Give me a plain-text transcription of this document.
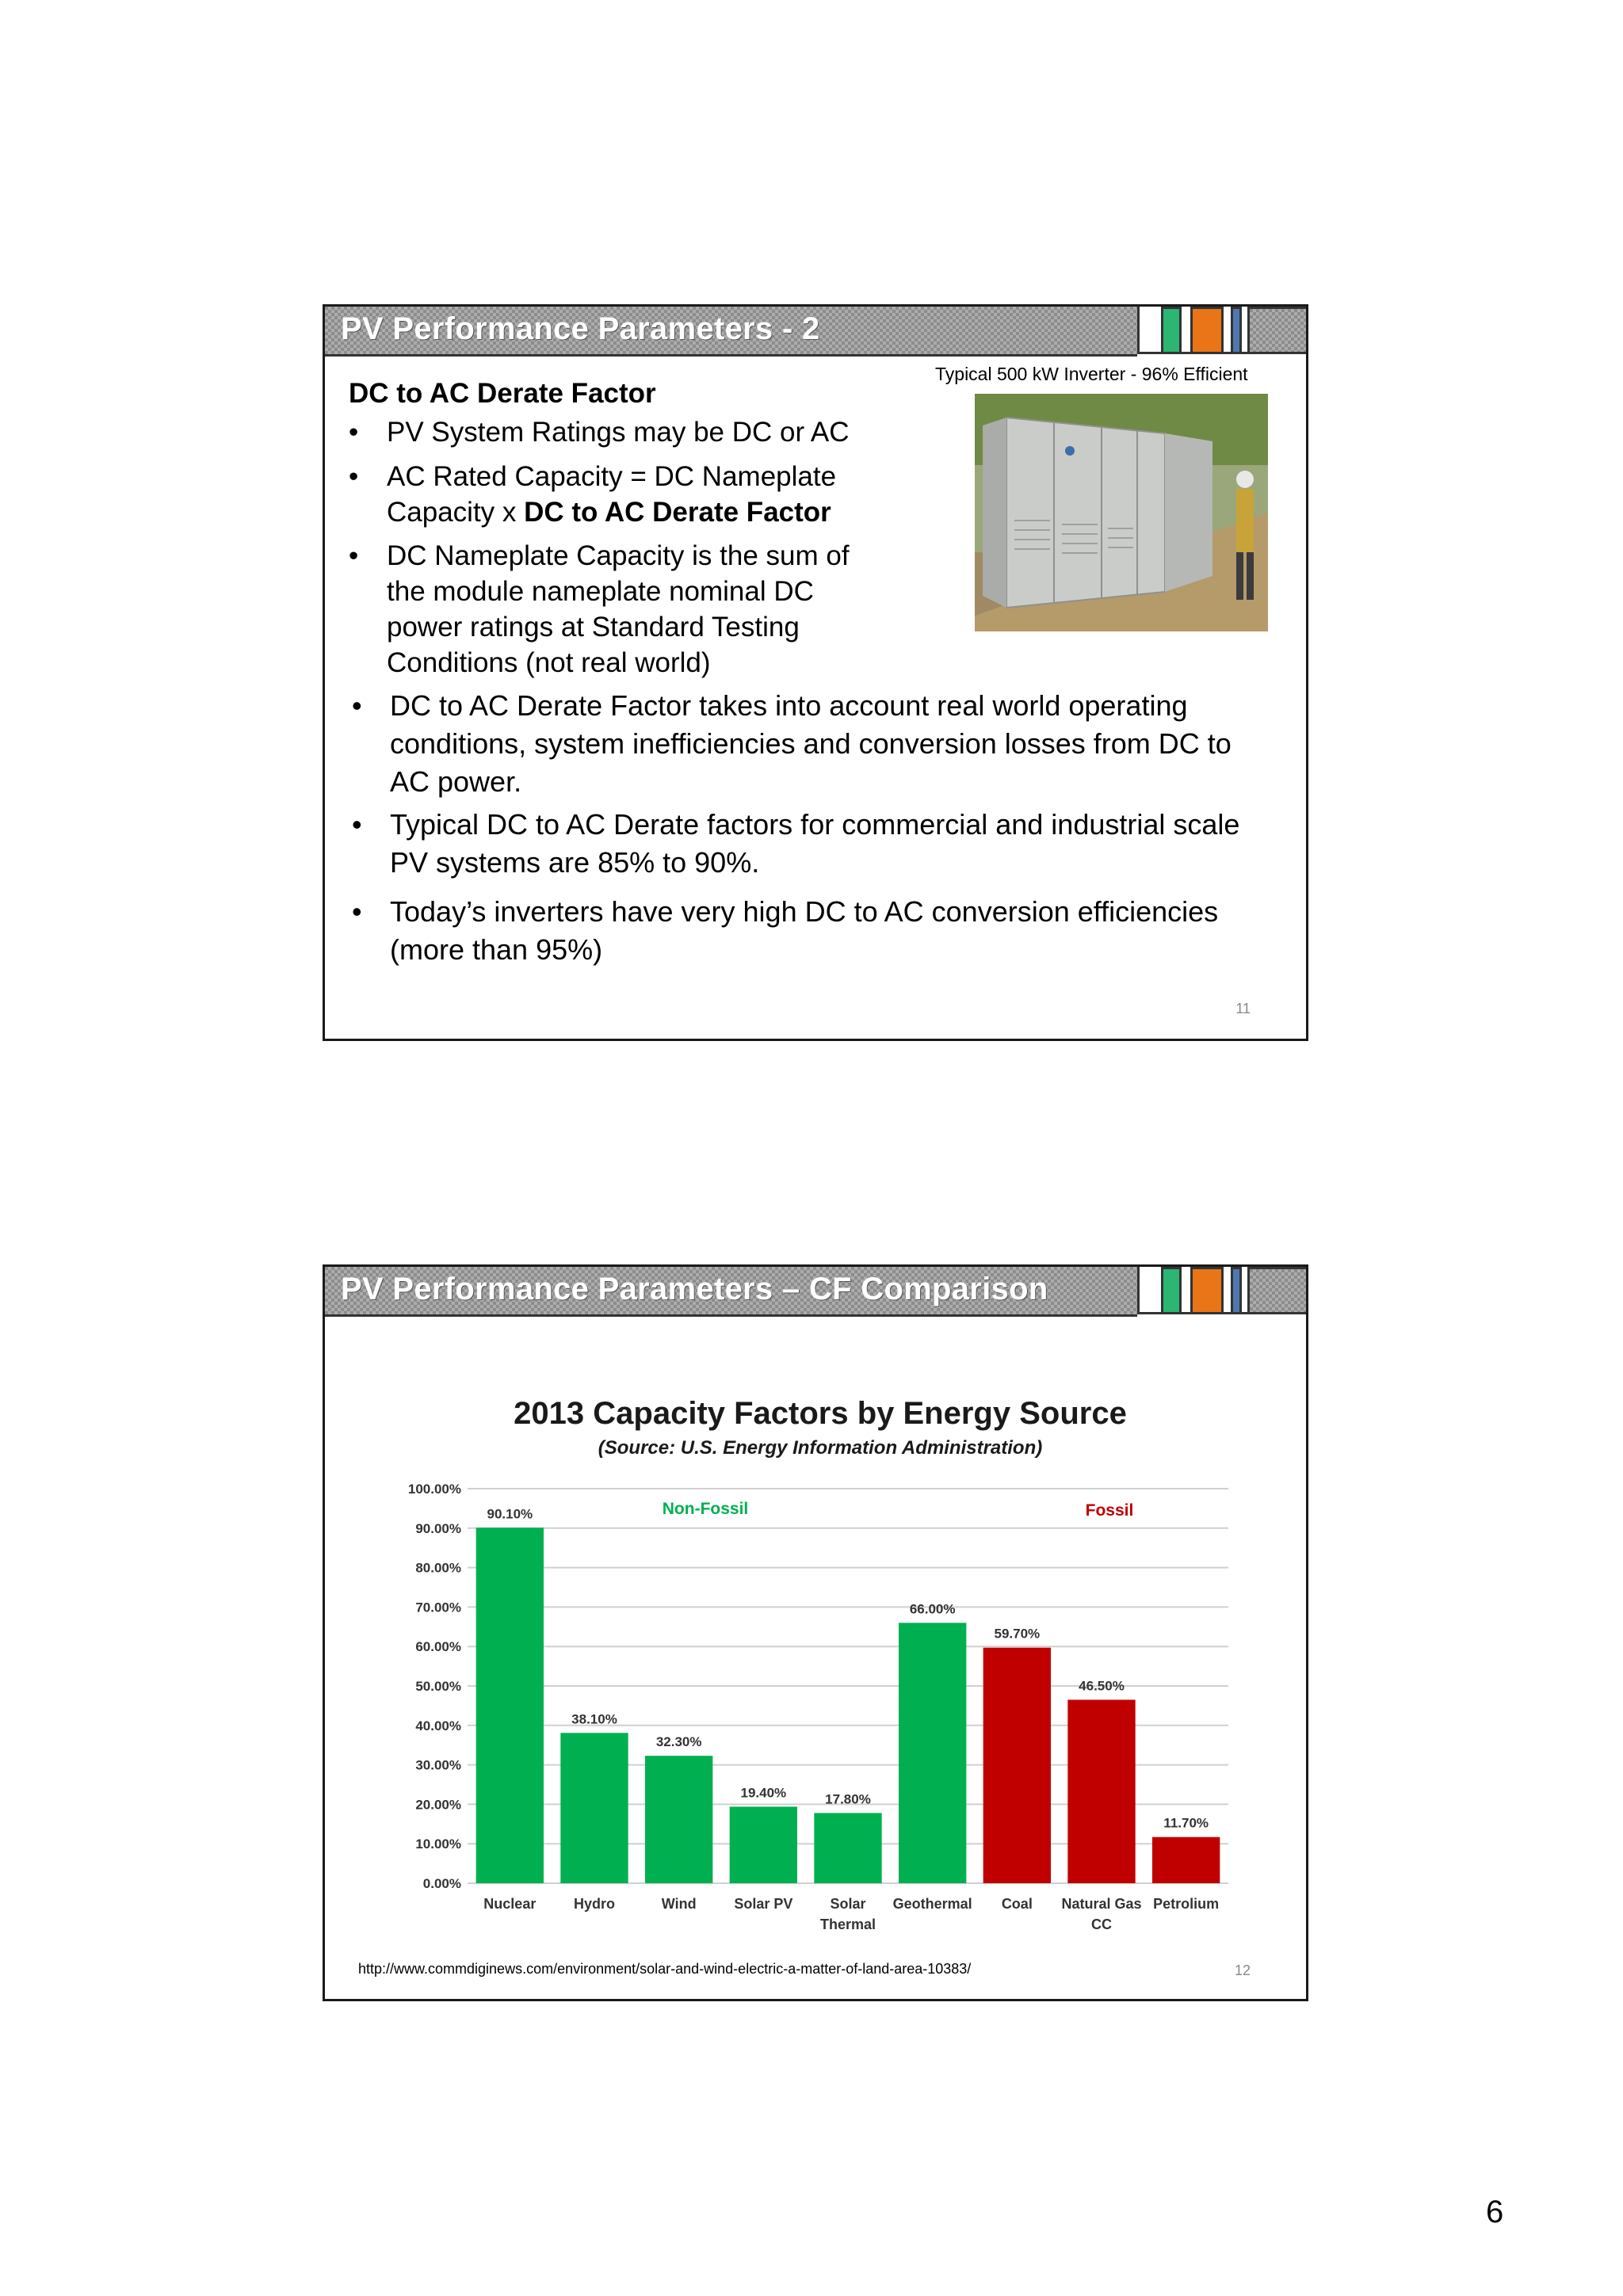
PV Performance Parameters - 2
Typical 500 kW Inverter - 96% Efficient
DC to AC Derate Factor
• PV System Ratings may be DC or AC
• AC Rated Capacity = DC Nameplate Capacity x DC to AC Derate Factor
• DC Nameplate Capacity is the sum of the module nameplate nominal DC power ratings at Standard Testing Conditions (not real world)
• DC to AC Derate Factor takes into account real world operating conditions, system inefficiencies and conversion losses from DC to AC power.
• Typical DC to AC Derate factors for commercial and industrial scale PV systems are 85% to 90%.
• Today’s inverters have very high DC to AC conversion efficiencies (more than 95%)
11
PV Performance Parameters – CF Comparison
2013 Capacity Factors by Energy Source
(Source: U.S. Energy Information Administration)
0.00%
10.00%
20.00%
30.00%
40.00%
50.00%
60.00%
70.00%
80.00%
90.00%
100.00%
90.10%
Nuclear
38.10%
Hydro
32.30%
Wind
19.40%
Solar PV
17.80%
Solar
Thermal
66.00%
Geothermal
59.70%
Coal
46.50%
Natural Gas
CC
11.70%
Petrolium
Non-Fossil	Fossil
http://www.commdiginews.com/environment/solar-and-wind-electric-a-matter-of-land-area-10383/	12
6
